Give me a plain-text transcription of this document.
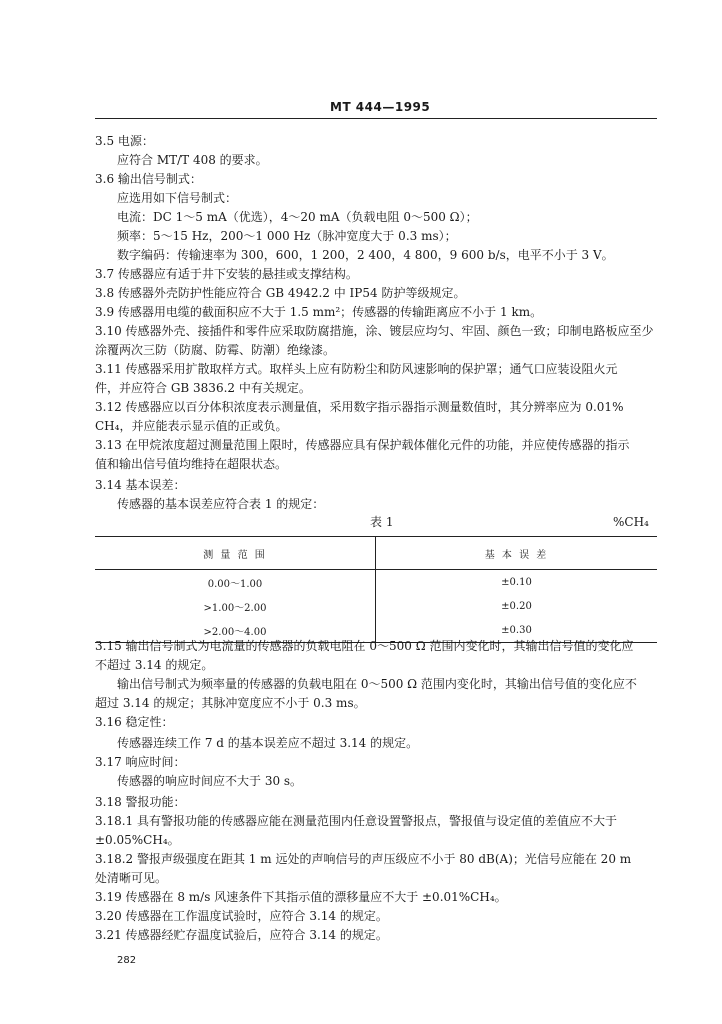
MT 444—1995
3.5 电源：
应符合 MT/T 408 的要求。
3.6 输出信号制式：
应选用如下信号制式：
电流：DC 1～5 mA（优选），4～20 mA（负载电阻 0～500 Ω）；
频率：5～15 Hz，200～1 000 Hz（脉冲宽度大于 0.3 ms）；
数字编码：传输速率为 300，600，1 200，2 400，4 800，9 600 b/s，电平不小于 3 V。
3.7 传感器应有适于井下安装的悬挂或支撑结构。
3.8 传感器外壳防护性能应符合 GB 4942.2 中 IP54 防护等级规定。
3.9 传感器用电缆的截面积应不大于 1.5 mm²；传感器的传输距离应不小于 1 km。
3.10 传感器外壳、接插件和零件应采取防腐措施，涂、镀层应均匀、牢固、颜色一致；印制电路板应至少
涂覆两次三防（防腐、防霉、防潮）绝缘漆。
3.11 传感器采用扩散取样方式。取样头上应有防粉尘和防风速影响的保护罩；通气口应装设阻火元
件，并应符合 GB 3836.2 中有关规定。
3.12 传感器应以百分体积浓度表示测量值，采用数字指示器指示测量数值时，其分辨率应为 0.01%
CH₄，并应能表示显示值的正或负。
3.13 在甲烷浓度超过测量范围上限时，传感器应具有保护载体催化元件的功能，并应使传感器的指示
值和输出信号值均维持在超限状态。
3.14 基本误差：
传感器的基本误差应符合表 1 的规定：
表 1	%CH₄
测 量 范 围	基 本 误 差
0.00～1.00	±0.10
>1.00～2.00	±0.20
>2.00～4.00	±0.30
3.15 输出信号制式为电流量的传感器的负载电阻在 0～500 Ω 范围内变化时，其输出信号值的变化应
不超过 3.14 的规定。
输出信号制式为频率量的传感器的负载电阻在 0～500 Ω 范围内变化时，其输出信号值的变化应不
超过 3.14 的规定；其脉冲宽度应不小于 0.3 ms。
3.16 稳定性：
传感器连续工作 7 d 的基本误差应不超过 3.14 的规定。
3.17 响应时间：
传感器的响应时间应不大于 30 s。
3.18 警报功能：
3.18.1 具有警报功能的传感器应能在测量范围内任意设置警报点，警报值与设定值的差值应不大于
±0.05%CH₄。
3.18.2 警报声级强度在距其 1 m 远处的声响信号的声压级应不小于 80 dB(A)；光信号应能在 20 m
处清晰可见。
3.19 传感器在 8 m/s 风速条件下其指示值的漂移量应不大于 ±0.01%CH₄。
3.20 传感器在工作温度试验时，应符合 3.14 的规定。
3.21 传感器经贮存温度试验后，应符合 3.14 的规定。
282
